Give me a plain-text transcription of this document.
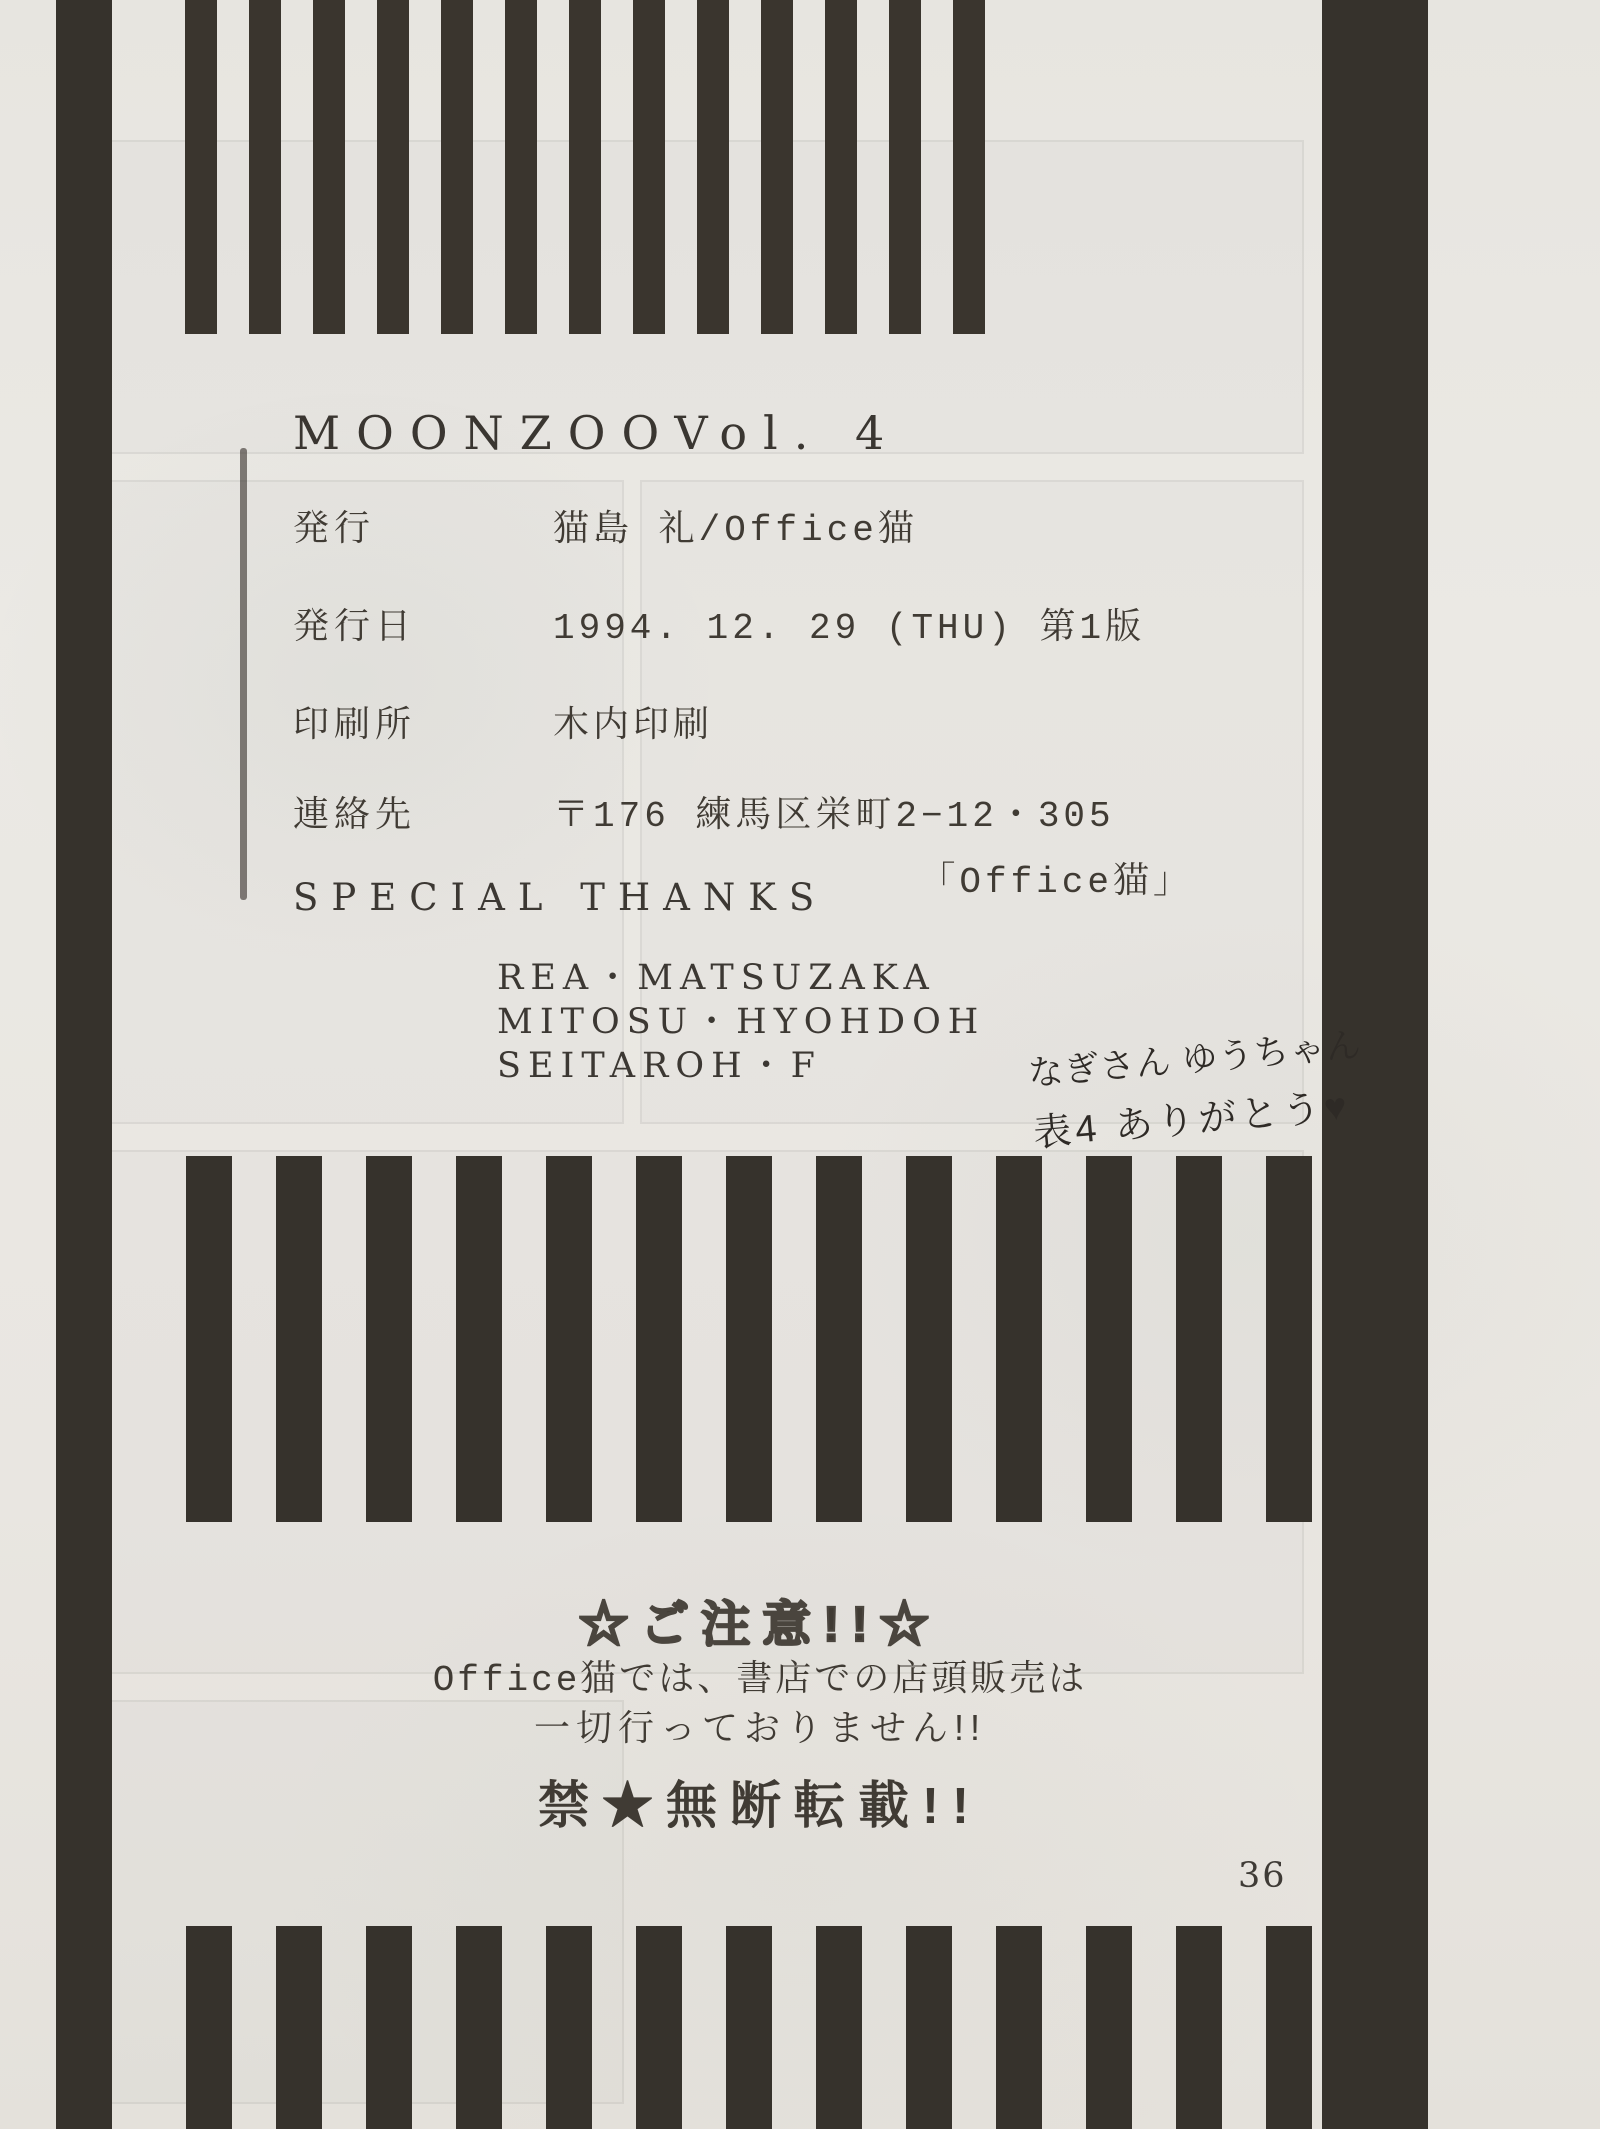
MOONZOOVol. 4
発行	猫島 礼/Office猫
発行日	1994. 12. 29 (THU) 第1版
印刷所	木内印刷
連絡先	〒176 練馬区栄町2−12・305
「Office猫」
SPECIAL THANKS
REA・MATSUZAKA
MITOSU・HYOHDOH
SEITAROH・F	なぎさん ゆうちゃん
表4 ありがとう♥
☆ご注意!!☆
Office猫では、書店での店頭販売は
一切行っておりません!!
禁★無断転載!!
36
